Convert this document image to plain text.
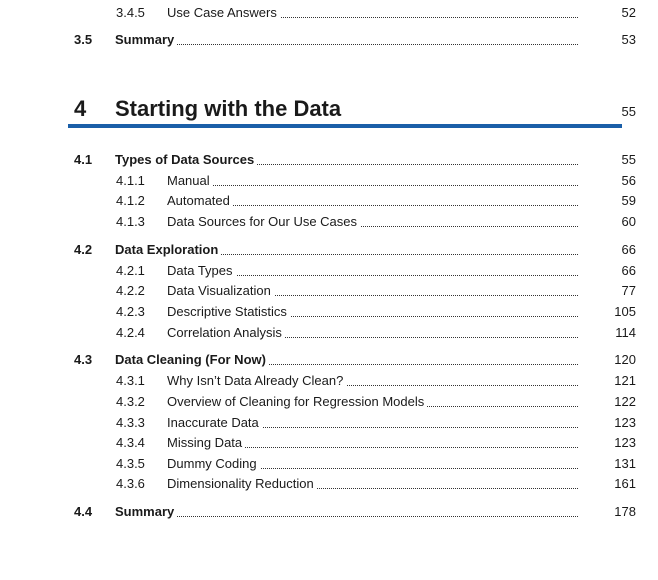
3.4.5 Use Case Answers	52
3.5 Summary	53
4 Starting with the Data	55
4.1 Types of Data Sources	55
4.1.1 Manual	56
4.1.2 Automated	59
4.1.3 Data Sources for Our Use Cases	60
4.2 Data Exploration	66
4.2.1 Data Types	66
4.2.2 Data Visualization	77
4.2.3 Descriptive Statistics	105
4.2.4 Correlation Analysis	114
4.3 Data Cleaning (For Now)	120
4.3.1 Why Isn’t Data Already Clean?	121
4.3.2 Overview of Cleaning for Regression Models	122
4.3.3 Inaccurate Data	123
4.3.4 Missing Data	123
4.3.5 Dummy Coding	131
4.3.6 Dimensionality Reduction	161
4.4 Summary	178
